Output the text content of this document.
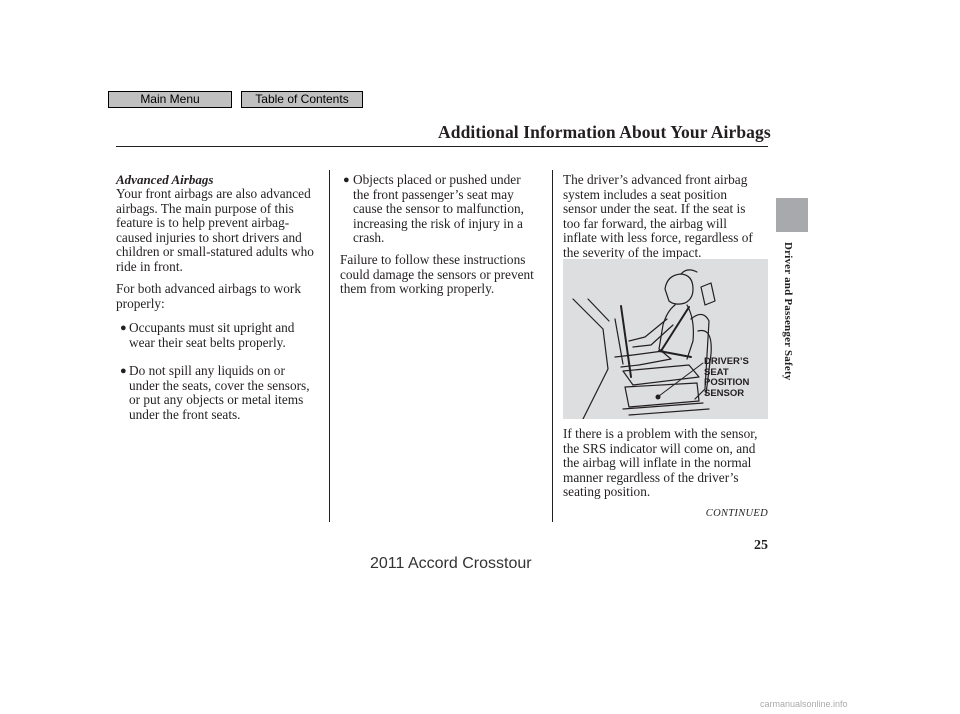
Main Menu	Table of Contents
Additional Information About Your Airbags
Driver and Passenger Safety
Advanced Airbags
Your front airbags are also advanced
airbags. The main purpose of this
feature is to help prevent airbag-
caused injuries to short drivers and
children or small-statured adults who
ride in front.
For both advanced airbags to work
properly:
● Occupants must sit upright and
wear their seat belts properly.
● Do not spill any liquids on or
under the seats, cover the sensors,
or put any objects or metal items
under the front seats.
● Objects placed or pushed under
the front passenger’s seat may
cause the sensor to malfunction,
increasing the risk of injury in a
crash.
Failure to follow these instructions
could damage the sensors or prevent
them from working properly.
The driver’s advanced front airbag
system includes a seat position
sensor under the seat. If the seat is
too far forward, the airbag will
inflate with less force, regardless of
the severity of the impact.
DRIVER’S
SEAT
POSITION
SENSOR
If there is a problem with the sensor,
the SRS indicator will come on, and
the airbag will inflate in the normal
manner regardless of the driver’s
seating position.
CONTINUED
25
2011 Accord Crosstour
carmanualsonline.info
